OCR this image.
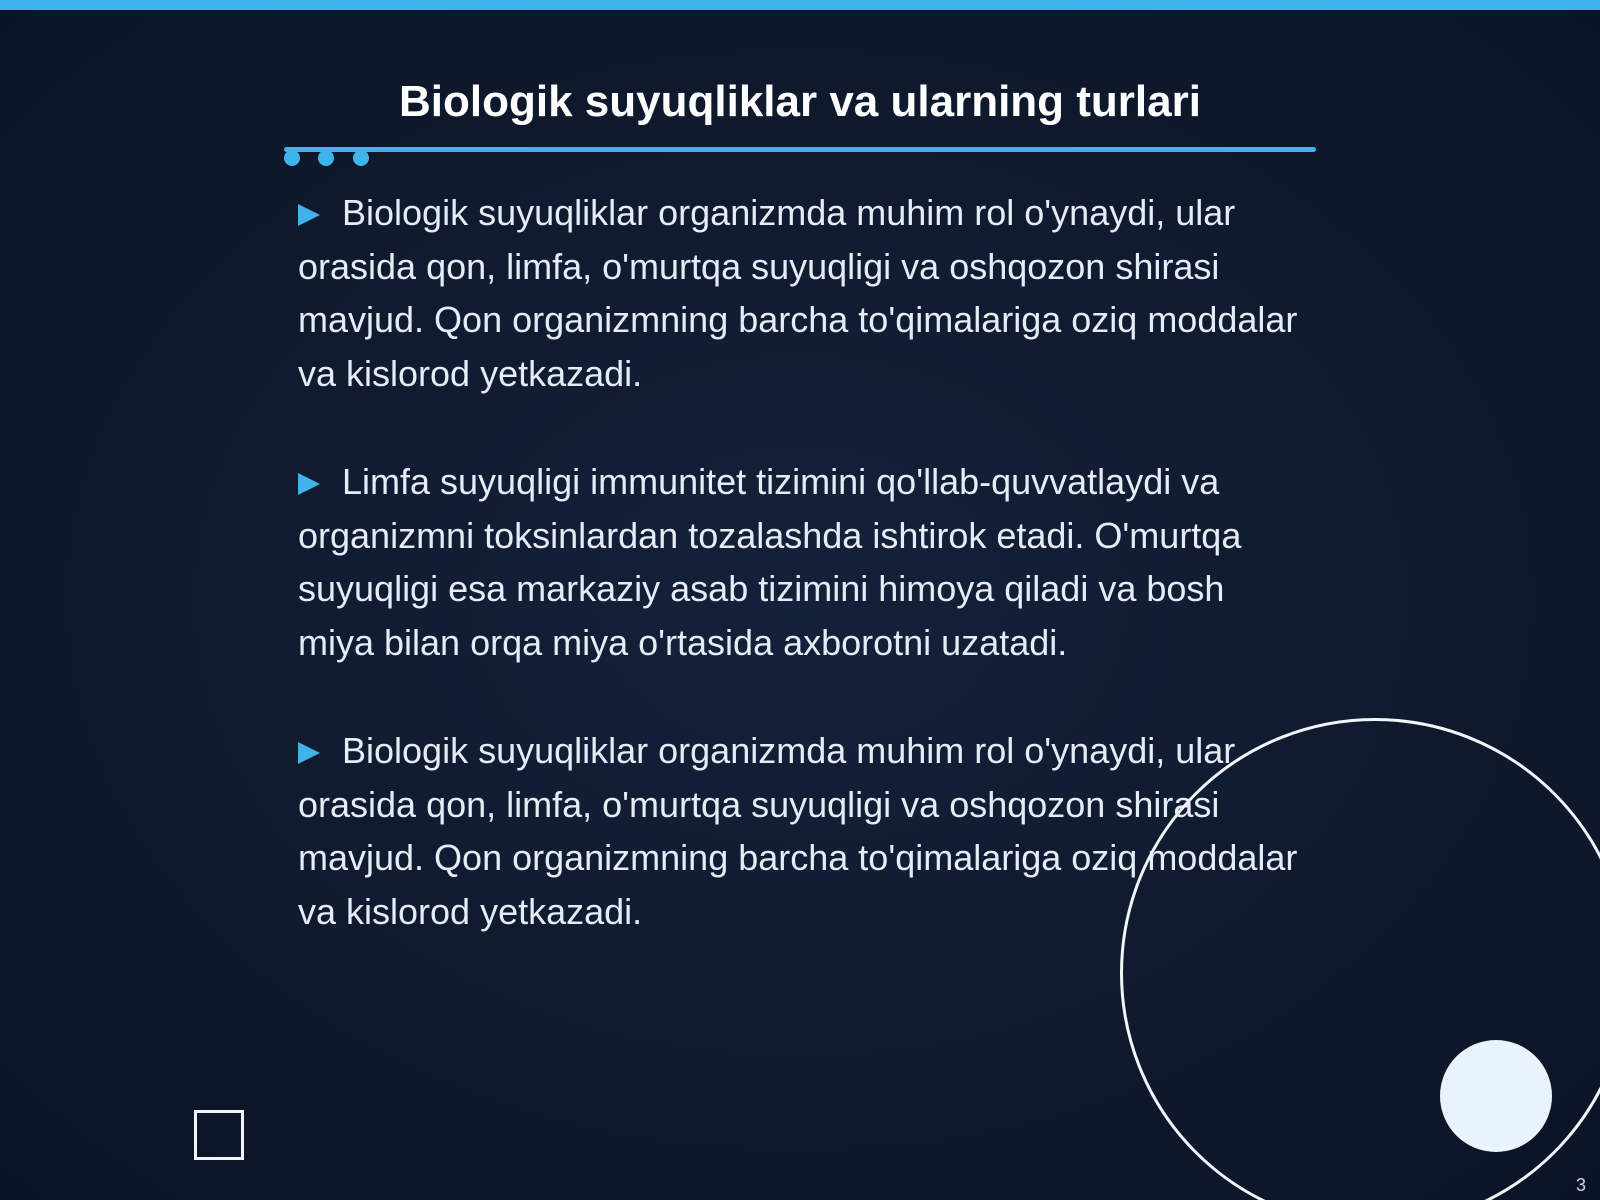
Biologik suyuqliklar va ularning turlari

Biologik suyuqliklar organizmda muhim rol o'ynaydi, ular orasida qon, limfa, o'murtqa suyuqligi va oshqozon shirasi mavjud. Qon organizmning barcha to'qimalariga oziq moddalar va kislorod yetkazadi.

Limfa suyuqligi immunitet tizimini qo'llab-quvvatlaydi va organizmni toksinlardan tozalashda ishtirok etadi. O'murtqa suyuqligi esa markaziy asab tizimini himoya qiladi va bosh miya bilan orqa miya o'rtasida axborotni uzatadi.

Biologik suyuqliklar organizmda muhim rol o'ynaydi, ular orasida qon, limfa, o'murtqa suyuqligi va oshqozon shirasi mavjud. Qon organizmning barcha to'qimalariga oziq moddalar va kislorod yetkazadi.

3
